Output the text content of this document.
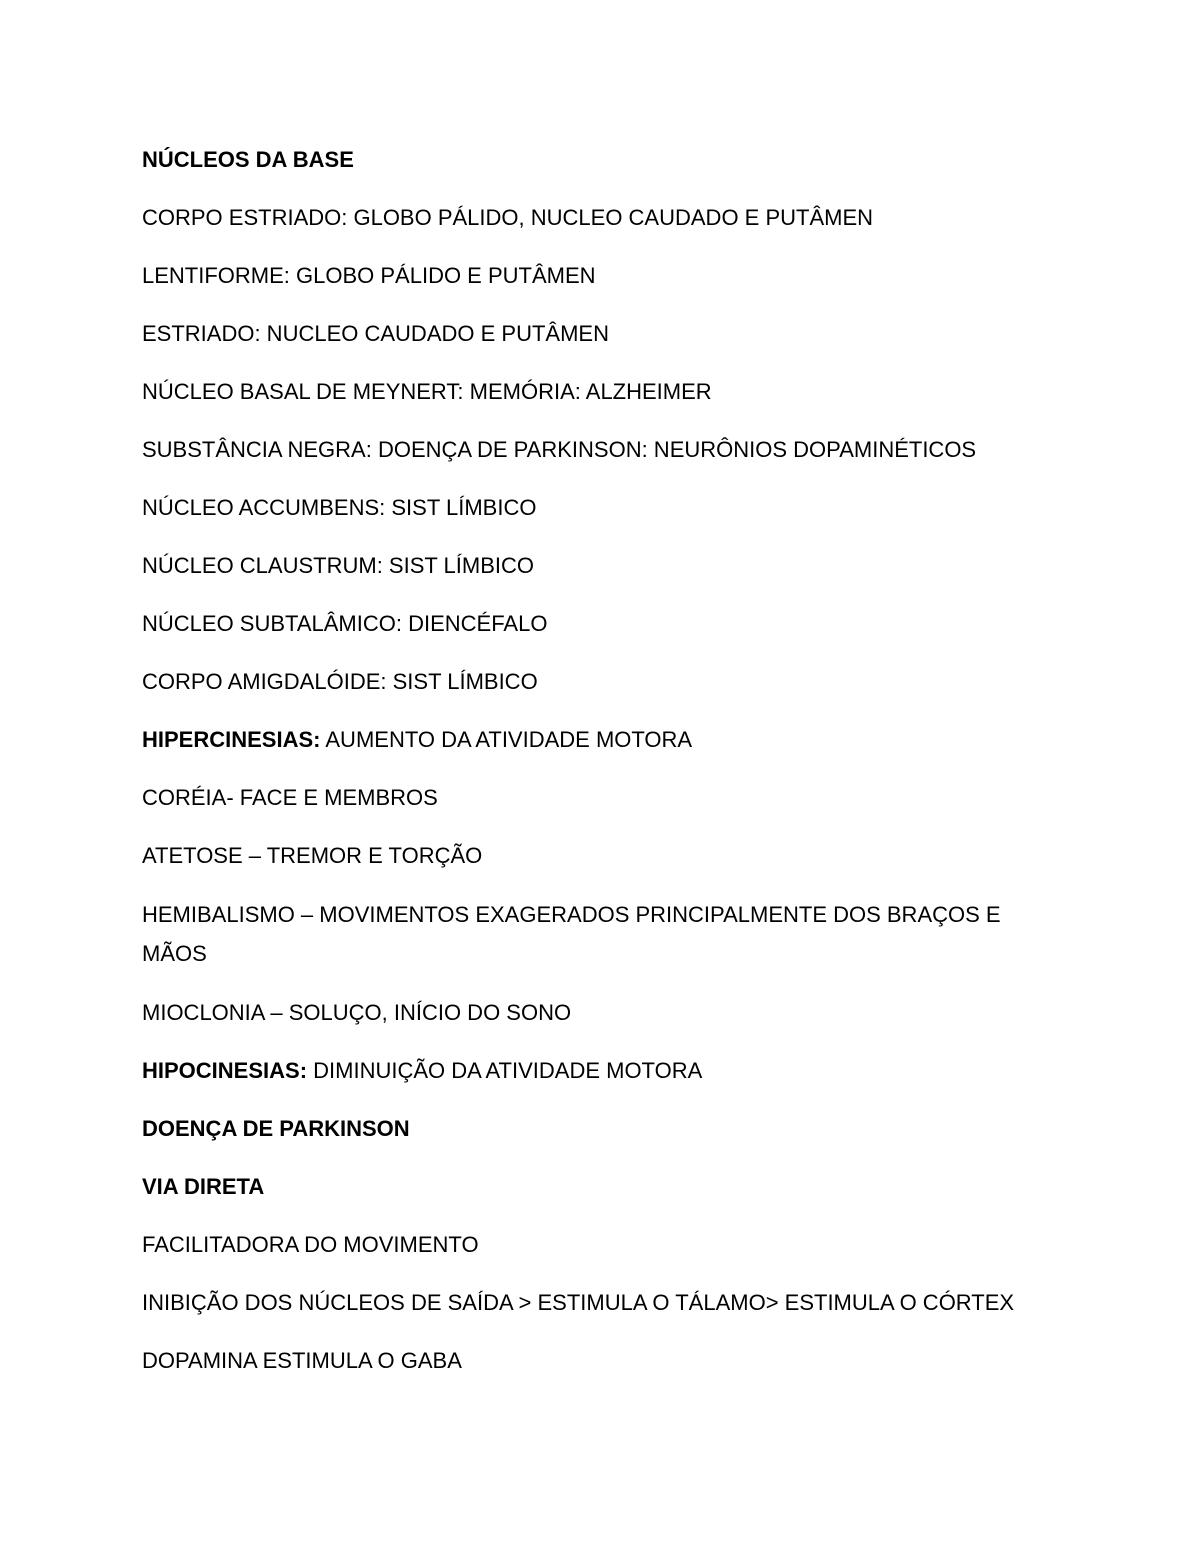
NÚCLEOS DA BASE
CORPO ESTRIADO: GLOBO PÁLIDO, NUCLEO CAUDADO E PUTÂMEN
LENTIFORME: GLOBO PÁLIDO E PUTÂMEN
ESTRIADO: NUCLEO CAUDADO E PUTÂMEN
NÚCLEO BASAL DE MEYNERT: MEMÓRIA: ALZHEIMER
SUBSTÂNCIA NEGRA: DOENÇA DE PARKINSON: NEURÔNIOS DOPAMINÉTICOS
NÚCLEO ACCUMBENS: SIST LÍMBICO
NÚCLEO CLAUSTRUM: SIST LÍMBICO
NÚCLEO SUBTALÂMICO: DIENCÉFALO
CORPO AMIGDALÓIDE: SIST LÍMBICO
HIPERCINESIAS: AUMENTO DA ATIVIDADE MOTORA
CORÉIA- FACE E MEMBROS
ATETOSE – TREMOR E TORÇÃO
HEMIBALISMO – MOVIMENTOS EXAGERADOS PRINCIPALMENTE DOS BRAÇOS E MÃOS
MIOCLONIA – SOLUÇO, INÍCIO DO SONO
HIPOCINESIAS: DIMINUIÇÃO DA ATIVIDADE MOTORA
DOENÇA DE PARKINSON
VIA DIRETA
FACILITADORA DO MOVIMENTO
INIBIÇÃO DOS NÚCLEOS DE SAÍDA > ESTIMULA O TÁLAMO> ESTIMULA O CÓRTEX
DOPAMINA ESTIMULA O GABA
